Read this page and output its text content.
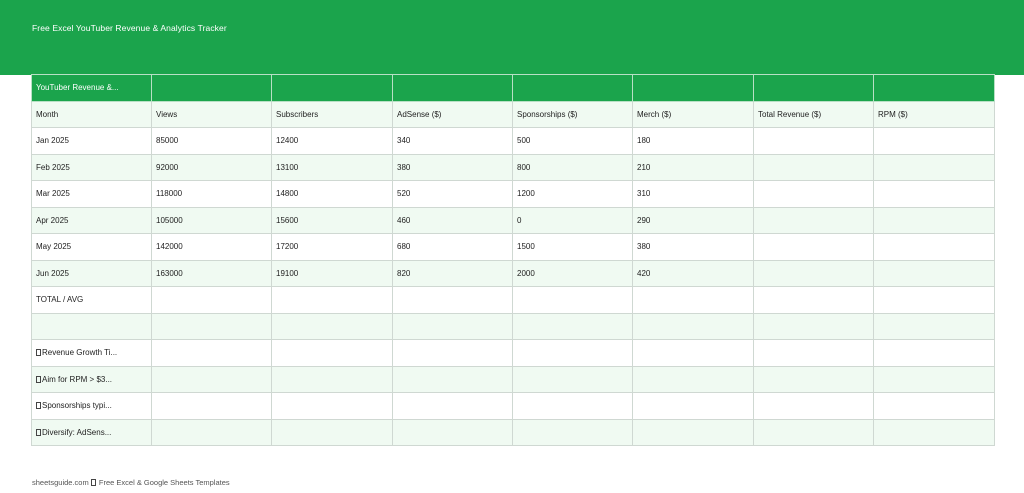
Free Excel YouTuber Revenue & Analytics Tracker
YouTuber Revenue &...							
Month	Views	Subscribers	AdSense ($)	Sponsorships ($)	Merch ($)	Total Revenue ($)	RPM ($)
Jan 2025	85000	12400	340	500	180		
Feb 2025	92000	13100	380	800	210		
Mar 2025	118000	14800	520	1200	310		
Apr 2025	105000	15600	460	0	290		
May 2025	142000	17200	680	1500	380		
Jun 2025	163000	19100	820	2000	420		
TOTAL / AVG							

Revenue Growth Ti...							
Aim for RPM > $3...							
Sponsorships typi...							
Diversify: AdSens...							
sheetsguide.com Free Excel & Google Sheets Templates
